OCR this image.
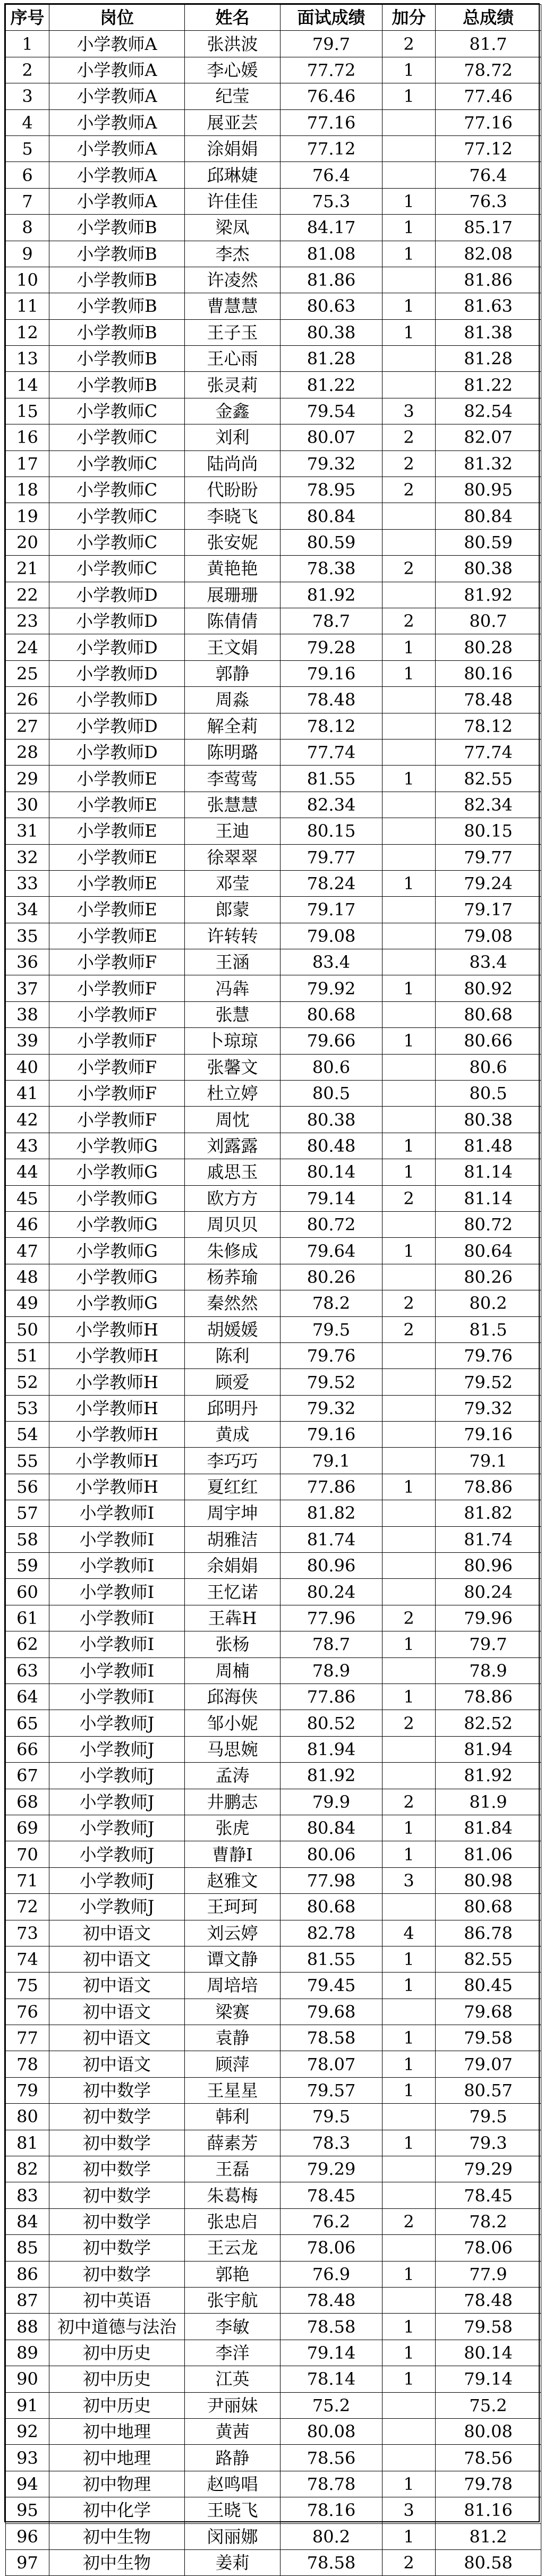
序号	岗位	姓名	面试成绩	加分	总成绩
1	小学教师A	张洪波	79.7	2	81.7
2	小学教师A	李心媛	77.72	1	78.72
3	小学教师A	纪莹	76.46	1	77.46
4	小学教师A	展亚芸	77.16		77.16
5	小学教师A	涂娟娟	77.12		77.12
6	小学教师A	邱琳婕	76.4		76.4
7	小学教师A	许佳佳	75.3	1	76.3
8	小学教师B	梁凤	84.17	1	85.17
9	小学教师B	李杰	81.08	1	82.08
10	小学教师B	许凌然	81.86		81.86
11	小学教师B	曹慧慧	80.63	1	81.63
12	小学教师B	王子玉	80.38	1	81.38
13	小学教师B	王心雨	81.28		81.28
14	小学教师B	张灵莉	81.22		81.22
15	小学教师C	金鑫	79.54	3	82.54
16	小学教师C	刘利	80.07	2	82.07
17	小学教师C	陆尚尚	79.32	2	81.32
18	小学教师C	代盼盼	78.95	2	80.95
19	小学教师C	李晓飞	80.84		80.84
20	小学教师C	张安妮	80.59		80.59
21	小学教师C	黄艳艳	78.38	2	80.38
22	小学教师D	展珊珊	81.92		81.92
23	小学教师D	陈倩倩	78.7	2	80.7
24	小学教师D	王文娟	79.28	1	80.28
25	小学教师D	郭静	79.16	1	80.16
26	小学教师D	周淼	78.48		78.48
27	小学教师D	解全莉	78.12		78.12
28	小学教师D	陈明璐	77.74		77.74
29	小学教师E	李莺莺	81.55	1	82.55
30	小学教师E	张慧慧	82.34		82.34
31	小学教师E	王迪	80.15		80.15
32	小学教师E	徐翠翠	79.77		79.77
33	小学教师E	邓莹	78.24	1	79.24
34	小学教师E	郎蒙	79.17		79.17
35	小学教师E	许转转	79.08		79.08
36	小学教师F	王涵	83.4		83.4
37	小学教师F	冯犇	79.92	1	80.92
38	小学教师F	张慧	80.68		80.68
39	小学教师F	卜琼琼	79.66	1	80.66
40	小学教师F	张馨文	80.6		80.6
41	小学教师F	杜立婷	80.5		80.5
42	小学教师F	周忱	80.38		80.38
43	小学教师G	刘露露	80.48	1	81.48
44	小学教师G	戚思玉	80.14	1	81.14
45	小学教师G	欧方方	79.14	2	81.14
46	小学教师G	周贝贝	80.72		80.72
47	小学教师G	朱修成	79.64	1	80.64
48	小学教师G	杨荞瑜	80.26		80.26
49	小学教师G	秦然然	78.2	2	80.2
50	小学教师H	胡媛媛	79.5	2	81.5
51	小学教师H	陈利	79.76		79.76
52	小学教师H	顾爱	79.52		79.52
53	小学教师H	邱明丹	79.32		79.32
54	小学教师H	黄成	79.16		79.16
55	小学教师H	李巧巧	79.1		79.1
56	小学教师H	夏红红	77.86	1	78.86
57	小学教师I	周宇坤	81.82		81.82
58	小学教师I	胡雅洁	81.74		81.74
59	小学教师I	余娟娟	80.96		80.96
60	小学教师I	王忆诺	80.24		80.24
61	小学教师I	王犇H	77.96	2	79.96
62	小学教师I	张杨	78.7	1	79.7
63	小学教师I	周楠	78.9		78.9
64	小学教师I	邱海侠	77.86	1	78.86
65	小学教师J	邹小妮	80.52	2	82.52
66	小学教师J	马思婉	81.94		81.94
67	小学教师J	孟涛	81.92		81.92
68	小学教师J	井鹏志	79.9	2	81.9
69	小学教师J	张虎	80.84	1	81.84
70	小学教师J	曹静I	80.06	1	81.06
71	小学教师J	赵雅文	77.98	3	80.98
72	小学教师J	王珂珂	80.68		80.68
73	初中语文	刘云婷	82.78	4	86.78
74	初中语文	谭文静	81.55	1	82.55
75	初中语文	周培培	79.45	1	80.45
76	初中语文	梁赛	79.68		79.68
77	初中语文	袁静	78.58	1	79.58
78	初中语文	顾萍	78.07	1	79.07
79	初中数学	王星星	79.57	1	80.57
80	初中数学	韩利	79.5		79.5
81	初中数学	薛素芳	78.3	1	79.3
82	初中数学	王磊	79.29		79.29
83	初中数学	朱葛梅	78.45		78.45
84	初中数学	张忠启	76.2	2	78.2
85	初中数学	王云龙	78.06		78.06
86	初中数学	郭艳	76.9	1	77.9
87	初中英语	张宇航	78.48		78.48
88	初中道德与法治	李敏	78.58	1	79.58
89	初中历史	李洋	79.14	1	80.14
90	初中历史	江英	78.14	1	79.14
91	初中历史	尹丽妹	75.2		75.2
92	初中地理	黄茜	80.08		80.08
93	初中地理	路静	78.56		78.56
94	初中物理	赵鸣唱	78.78	1	79.78
95	初中化学	王晓飞	78.16	3	81.16
96	初中生物	闵丽娜	80.2	1	81.2
97	初中生物	姜莉	78.58	2	80.58
